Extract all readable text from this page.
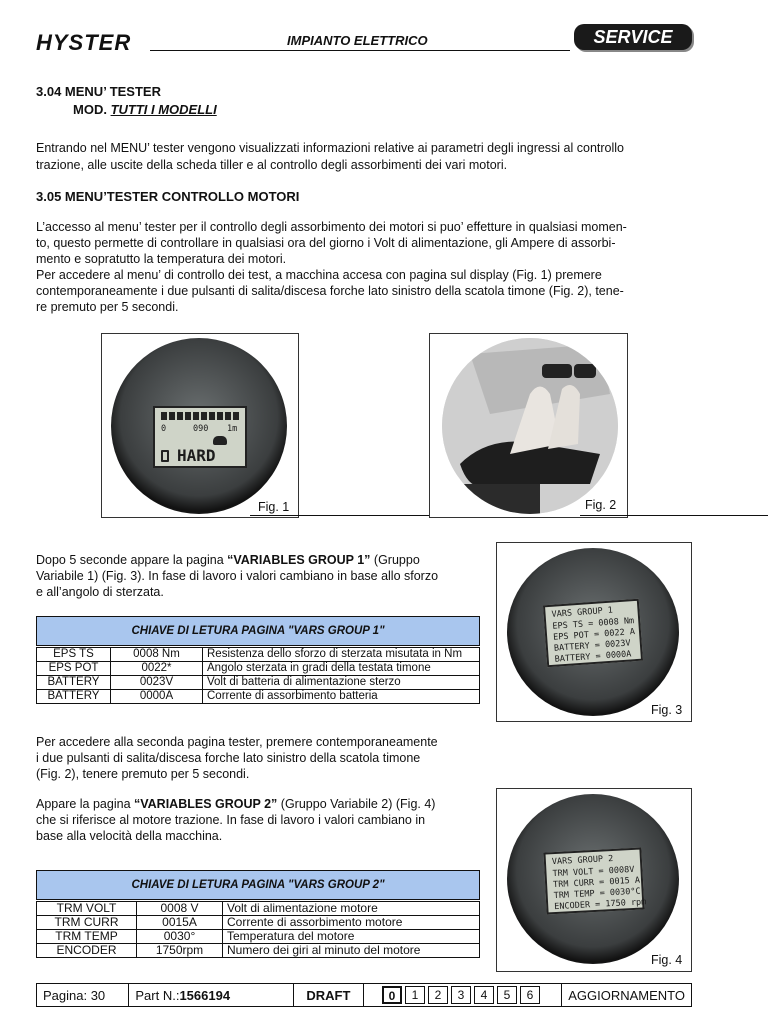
HYSTER	IMPIANTO ELETTRICO	SERVICE
3.04 MENU’ TESTER
MOD. TUTTI I MODELLI
Entrando nel MENU’ tester vengono visualizzati informazioni relative ai parametri degli ingressi al controllo
trazione, alle uscite della scheda tiller e al controllo degli assorbimenti dei vari motori.
3.05 MENU’TESTER CONTROLLO MOTORI
L’accesso al menu’ tester per il controllo degli assorbimento dei motori si puo’ effetture in qualsiasi momen-
to, questo permette di controllare in qualsiasi ora del giorno i Volt di alimentazione, gli Ampere di assorbi-
mento e sopratutto la temperatura dei motori.
Per accedere al menu’ di controllo dei test, a macchina accesa con pagina sul display (Fig. 1) premere
contemporaneamente i due pulsanti di salita/discesa forche lato sinistro della scatola timone (Fig. 2), tene-
re premuto per 5 secondi.
0	090 1m
HARD
Fig. 1	Fig. 2
Dopo 5 seconde appare la pagina “VARIABLES GROUP 1” (Gruppo
Variabile 1) (Fig. 3). In fase di lavoro i valori cambiano in base allo sforzo
e all’angolo di sterzata.
CHIAVE DI LETURA PAGINA "VARS GROUP 1"
EPS TS	0008 Nm	Resistenza dello sforzo di sterzata misutata in Nm
EPS POT	0022*	Angolo sterzata in gradi della testata timone
BATTERY	0023V	Volt di batteria di alimentazione sterzo
BATTERY	0000A	Corrente di assorbimento batteria
VARS GROUP 1
EPS TS = 0008 Nm
EPS POT = 0022 A
BATTERY = 0023V
BATTERY = 0000A
Fig. 3
Per accedere alla seconda pagina tester, premere contemporaneamente
i due pulsanti di salita/discesa forche lato sinistro della scatola timone
(Fig. 2), tenere premuto per 5 secondi.
Appare la pagina “VARIABLES GROUP 2” (Gruppo Variabile 2) (Fig. 4)
che si riferisce al motore trazione. In fase di lavoro i valori cambiano in
base alla velocità della macchina.
CHIAVE DI LETURA PAGINA "VARS GROUP 2"
TRM VOLT	0008 V	Volt di alimentazione motore
TRM CURR	0015A	Corrente di assorbimento motore
TRM TEMP	0030°	Temperatura del motore
ENCODER	1750rpm	Numero dei giri al minuto del motore
VARS GROUP 2
TRM VOLT = 0008V
TRM CURR = 0015 A
TRM TEMP = 0030°C
ENCODER = 1750 rpm
Fig. 4
Pagina: 30	Part N.: 1566194	DRAFT	0	1	2	3	4	5	6	AGGIORNAMENTO
